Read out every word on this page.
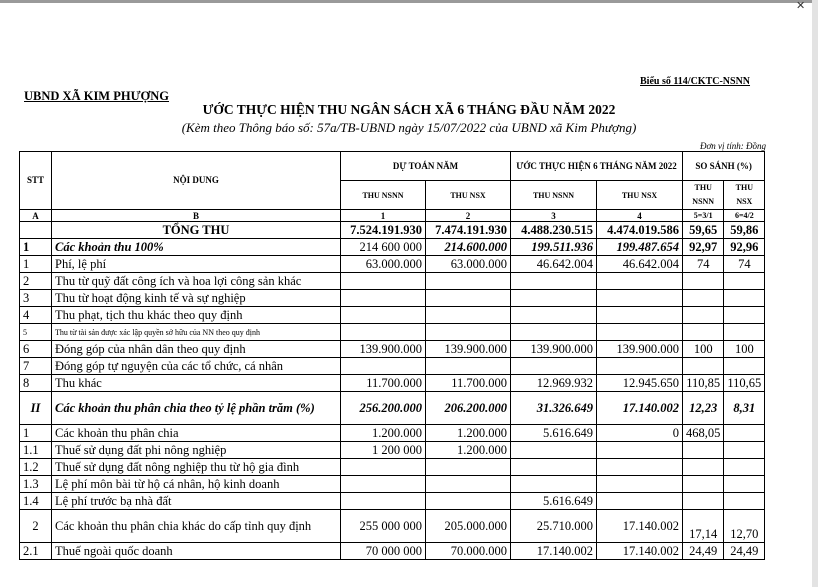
✕
Biểu số 114/CKTC-NSNN
UBND XÃ KIM PHƯỢNG
ƯỚC THỰC HIỆN THU NGÂN SÁCH XÃ 6 THÁNG ĐẦU NĂM 2022
(Kèm theo Thông báo số: 57a/TB-UBND ngày 15/07/2022 của UBND xã Kim Phượng)
Đơn vị tính: Đồng
STT	NỘI DUNG	DỰ TOÁN NĂM		ƯỚC THỰC HIỆN 6 THÁNG NĂM 2022		SO SÁNH (%)	
		THU NSNN	THU NSX	THU NSNN	THU NSX	THU NSNN	THU NSX
A	B	1	2	3	4	5=3/1	6=4/2
	TỔNG THU	7.524.191.930	7.474.191.930	4.488.230.515	4.474.019.586	59,65	59,86
1	Các khoản thu 100%	214 600 000	214.600.000	199.511.936	199.487.654	92,97	92,96
1	Phí, lệ phí	63.000.000	63.000.000	46.642.004	46.642.004	74	74
2	Thu từ quỹ đất công ích và hoa lợi công sản khác						
3	Thu từ hoạt động kinh tế và sự nghiệp						
4	Thu phạt, tịch thu khác theo quy định						
5	Thu từ tài sản được xác lập quyền sở hữu của NN theo quy định						
6	Đóng góp của nhân dân theo quy định	139.900.000	139.900.000	139.900.000	139.900.000	100	100
7	Đóng góp tự nguyện của các tổ chức, cá nhân						
8	Thu khác	11.700.000	11.700.000	12.969.932	12.945.650	110,85	110,65
II	Các khoản thu phân chia theo tỷ lệ phần trăm (%)	256.200.000	206.200.000	31.326.649	17.140.002	12,23	8,31
1	Các khoản thu phân chia	1.200.000	1.200.000	5.616.649	0	468,05	
1.1	Thuế sử dụng đất phi nông nghiệp	1 200 000	1.200.000				
1.2	Thuế sử dụng đất nông nghiệp thu từ hộ gia đình						
1.3	Lệ phí môn bài từ hộ cá nhân, hộ kinh doanh						
1.4	Lệ phí trước bạ nhà đất			5.616.649			
2	Các khoản thu phân chia khác do cấp tỉnh quy định	255 000 000	205.000.000	25.710.000	17.140.002	17,14	12,70
2.1	Thuế ngoài quốc doanh	70 000 000	70.000.000	17.140.002	17.140.002	24,49	24,49
